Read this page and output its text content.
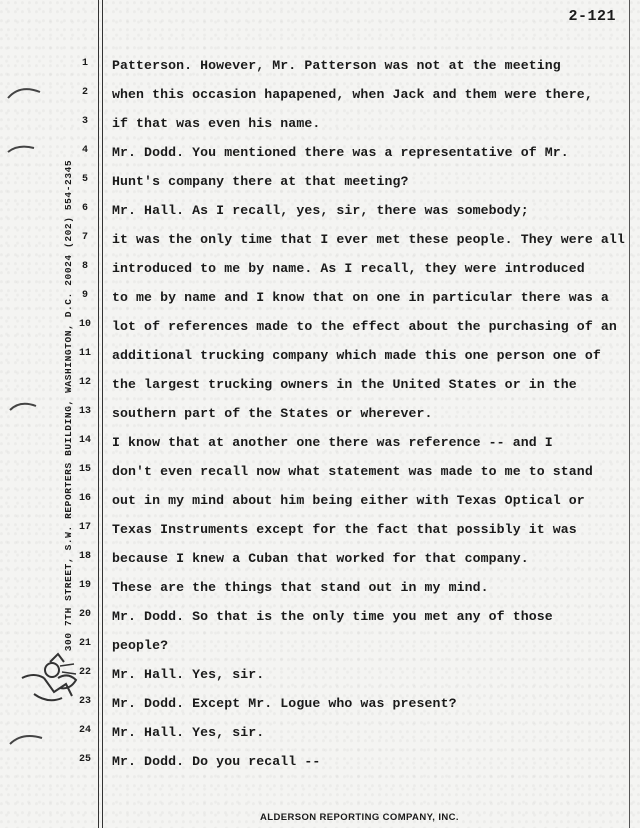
2-121
300 7TH STREET, S.W. REPORTERS BUILDING, WASHINGTON, D.C. 20024 (202) 554-2345
1	Patterson. However, Mr. Patterson was not at the meeting
2	when this occasion hapapened, when Jack and them were there,
3	if that was even his name.
4	Mr. Dodd. You mentioned there was a representative of Mr.
5	Hunt's company there at that meeting?
6	Mr. Hall. As I recall, yes, sir, there was somebody;
7	it was the only time that I ever met these people. They were all
8	introduced to me by name. As I recall, they were introduced
9	to me by name and I know that on one in particular there was a
10 lot of references made to the effect about the purchasing of an
11 additional trucking company which made this one person one of
12 the largest trucking owners in the United States or in the
13 southern part of the States or wherever.
14 I know that at another one there was reference -- and I
15 don't even recall now what statement was made to me to stand
16 out in my mind about him being either with Texas Optical or
17 Texas Instruments except for the fact that possibly it was
18 because I knew a Cuban that worked for that company.
19 These are the things that stand out in my mind.
20 Mr. Dodd. So that is the only time you met any of those
21 people?
22 Mr. Hall. Yes, sir.
23 Mr. Dodd. Except Mr. Logue who was present?
24 Mr. Hall. Yes, sir.
25 Mr. Dodd. Do you recall --
ALDERSON REPORTING COMPANY, INC.
